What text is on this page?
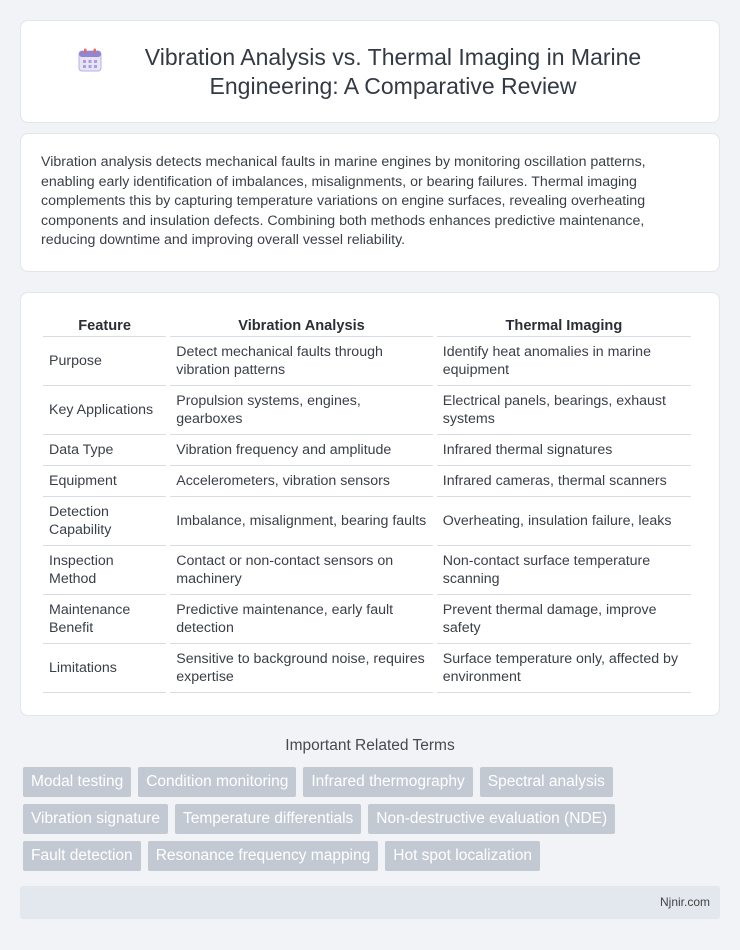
Vibration Analysis vs. Thermal Imaging in Marine Engineering: A Comparative Review

Vibration analysis detects mechanical faults in marine engines by monitoring oscillation patterns, enabling early identification of imbalances, misalignments, or bearing failures. Thermal imaging complements this by capturing temperature variations on engine surfaces, revealing overheating components and insulation defects. Combining both methods enhances predictive maintenance, reducing downtime and improving overall vessel reliability.

Feature	Vibration Analysis	Thermal Imaging
Purpose	Detect mechanical faults through vibration patterns	Identify heat anomalies in marine equipment
Key Applications	Propulsion systems, engines, gearboxes	Electrical panels, bearings, exhaust systems
Data Type	Vibration frequency and amplitude	Infrared thermal signatures
Equipment	Accelerometers, vibration sensors	Infrared cameras, thermal scanners
Detection Capability	Imbalance, misalignment, bearing faults	Overheating, insulation failure, leaks
Inspection Method	Contact or non-contact sensors on machinery	Non-contact surface temperature scanning
Maintenance Benefit	Predictive maintenance, early fault detection	Prevent thermal damage, improve safety
Limitations	Sensitive to background noise, requires expertise	Surface temperature only, affected by environment
Important Related Terms
Modal testing	Condition monitoring	Infrared thermography	Spectral analysis
Vibration signature	Temperature differentials	Non-destructive evaluation (NDE)
Fault detection	Resonance frequency mapping	Hot spot localization
Njnir.com
